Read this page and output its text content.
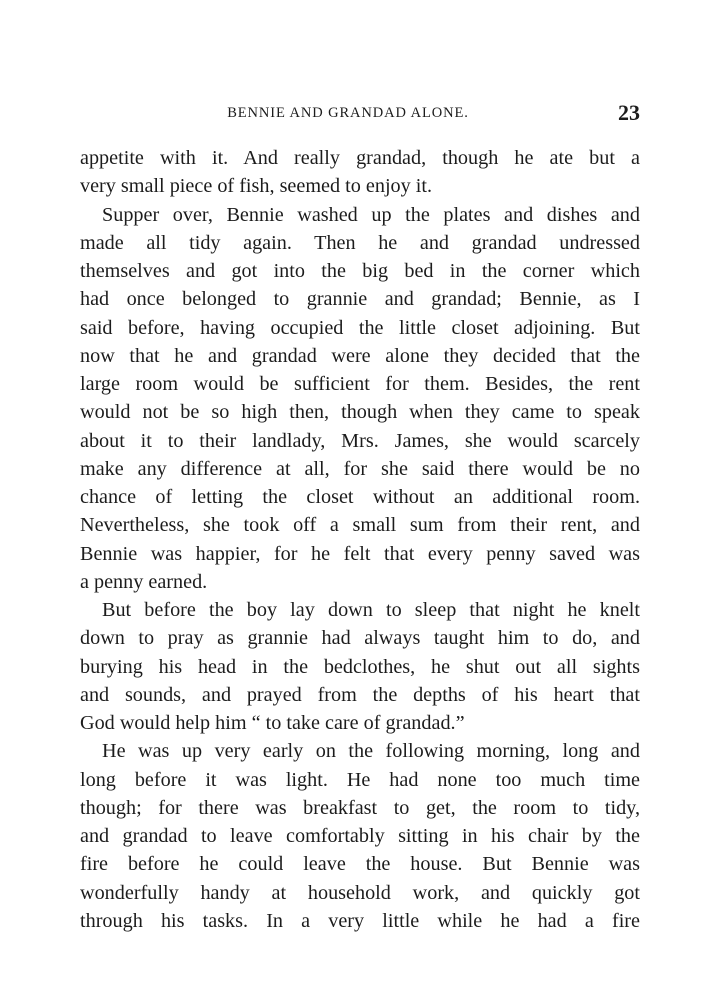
BENNIE AND GRANDAD ALONE.	23

appetite with it. And really grandad, though he ate but a
very small piece of fish, seemed to enjoy it.

Supper over, Bennie washed up the plates and dishes and
made all tidy again. Then he and grandad undressed
themselves and got into the big bed in the corner which
had once belonged to grannie and grandad; Bennie, as I
said before, having occupied the little closet adjoining. But
now that he and grandad were alone they decided that the
large room would be sufficient for them. Besides, the rent
would not be so high then, though when they came to speak
about it to their landlady, Mrs. James, she would scarcely
make any difference at all, for she said there would be no
chance of letting the closet without an additional room.
Nevertheless, she took off a small sum from their rent, and
Bennie was happier, for he felt that every penny saved was
a penny earned.

But before the boy lay down to sleep that night he knelt
down to pray as grannie had always taught him to do, and
burying his head in the bedclothes, he shut out all sights
and sounds, and prayed from the depths of his heart that
God would help him “ to take care of grandad.”

He was up very early on the following morning, long and
long before it was light. He had none too much time
though; for there was breakfast to get, the room to tidy,
and grandad to leave comfortably sitting in his chair by the
fire before he could leave the house. But Bennie was
wonderfully handy at household work, and quickly got
through his tasks. In a very little while he had a fire
